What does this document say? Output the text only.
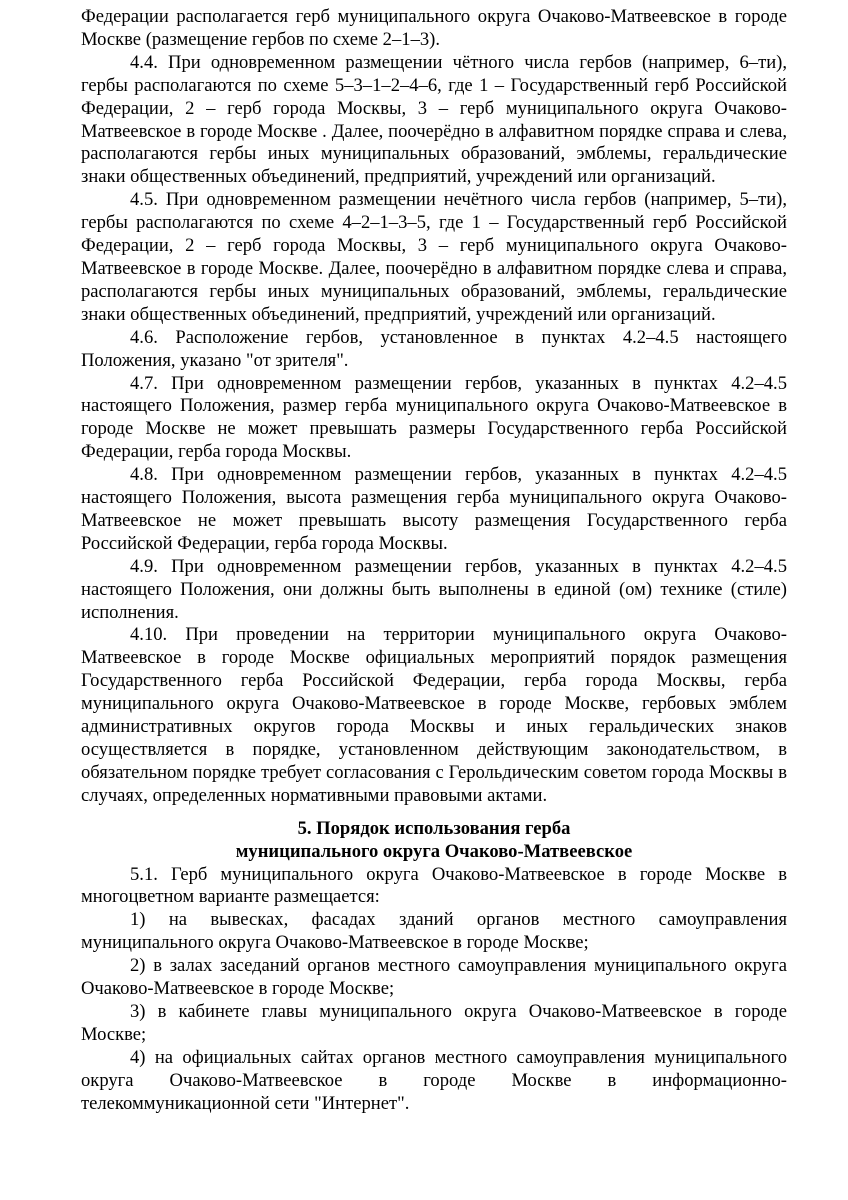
Федерации располагается герб муниципального округа Очаково-Матвеевское в городе Москве (размещение гербов по схеме 2–1–3).

4.4. При одновременном размещении чётного числа гербов (например, 6–ти), гербы располагаются по схеме 5–3–1–2–4–6, где 1 – Государственный герб Российской Федерации, 2 – герб города Москвы, 3 – герб муниципального округа Очаково-Матвеевское в городе Москве . Далее, поочерёдно в алфавитном порядке справа и слева, располагаются гербы иных муниципальных образований, эмблемы, геральдические знаки общественных объединений, предприятий, учреждений или организаций.

4.5. При одновременном размещении нечётного числа гербов (например, 5–ти), гербы располагаются по схеме 4–2–1–3–5, где 1 – Государственный герб Российской Федерации, 2 – герб города Москвы, 3 – герб муниципального округа Очаково-Матвеевское в городе Москве. Далее, поочерёдно в алфавитном порядке слева и справа, располагаются гербы иных муниципальных образований, эмблемы, геральдические знаки общественных объединений, предприятий, учреждений или организаций.

4.6. Расположение гербов, установленное в пунктах 4.2–4.5 настоящего Положения, указано "от зрителя".

4.7. При одновременном размещении гербов, указанных в пунктах 4.2–4.5 настоящего Положения, размер герба муниципального округа Очаково-Матвеевское в городе Москве не может превышать размеры Государственного герба Российской Федерации, герба города Москвы.

4.8. При одновременном размещении гербов, указанных в пунктах 4.2–4.5 настоящего Положения, высота размещения герба муниципального округа Очаково-Матвеевское не может превышать высоту размещения Государственного герба Российской Федерации, герба города Москвы.

4.9. При одновременном размещении гербов, указанных в пунктах 4.2–4.5 настоящего Положения, они должны быть выполнены в единой (ом) технике (стиле) исполнения.

4.10. При проведении на территории муниципального округа Очаково-Матвеевское в городе Москве официальных мероприятий порядок размещения Государственного герба Российской Федерации, герба города Москвы, герба муниципального округа Очаково-Матвеевское в городе Москве, гербовых эмблем административных округов города Москвы и иных геральдических знаков осуществляется в порядке, установленном действующим законодательством, в обязательном порядке требует согласования с Герольдическим советом города Москвы в случаях, определенных нормативными правовыми актами.

5. Порядок использования герба
муниципального округа Очаково-Матвеевское

5.1. Герб муниципального округа Очаково-Матвеевское в городе Москве в многоцветном варианте размещается:

1) на вывесках, фасадах зданий органов местного самоуправления муниципального округа Очаково-Матвеевское в городе Москве;

2) в залах заседаний органов местного самоуправления муниципального округа Очаково-Матвеевское в городе Москве;

3) в кабинете главы муниципального округа Очаково-Матвеевское в городе Москве;

4) на официальных сайтах органов местного самоуправления муниципального округа Очаково-Матвеевское в городе Москве в информационно-телекоммуникационной сети "Интернет".
